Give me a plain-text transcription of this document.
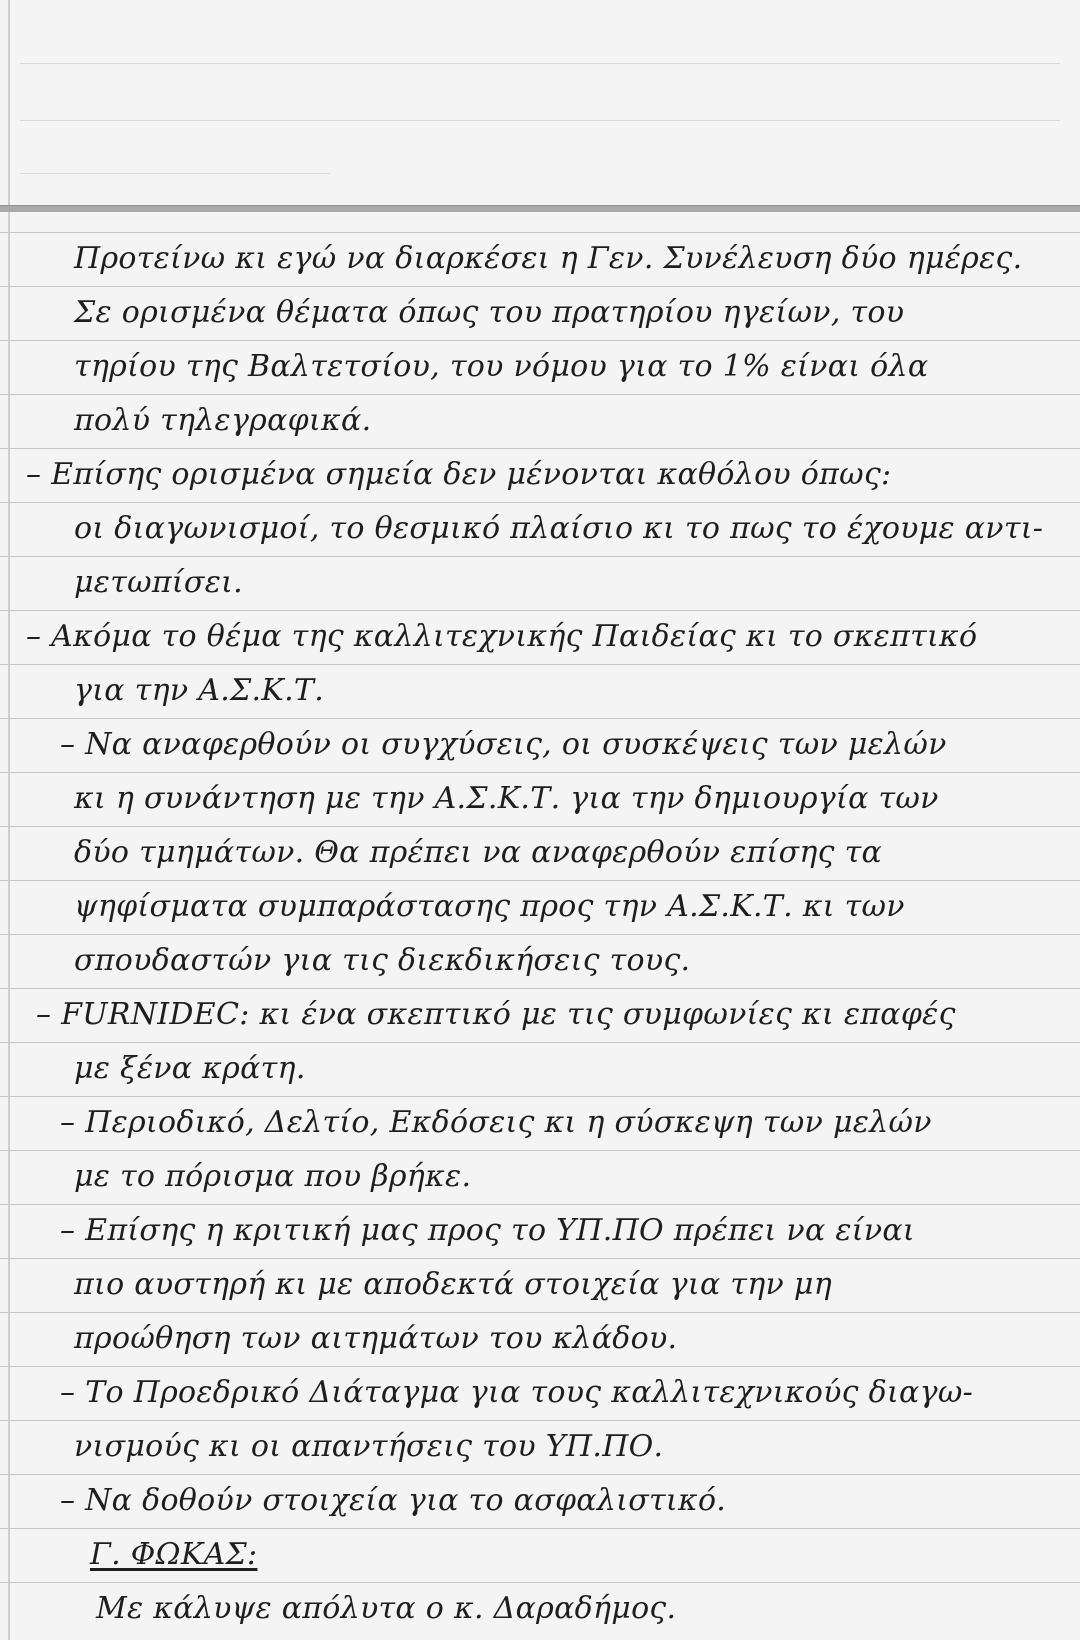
Προτείνω κι εγώ να διαρκέσει η Γεν. Συνέλευση δύο ημέρες.
Σε ορισμένα θέματα όπως του πρατηρίου ηγείων, του
τηρίου της Βαλτετσίου, του νόμου για το 1% είναι όλα
πολύ τηλεγραφικά.
– Επίσης ορισμένα σημεία δεν μένονται καθόλου όπως:
οι διαγωνισμοί, το θεσμικό πλαίσιο κι το πως το έχουμε αντι-
μετωπίσει.
– Ακόμα το θέμα της καλλιτεχνικής Παιδείας κι το σκεπτικό
για την Α.Σ.Κ.Τ.
– Να αναφερθούν οι συγχύσεις, οι συσκέψεις των μελών
κι η συνάντηση με την Α.Σ.Κ.Τ. για την δημιουργία των
δύο τμημάτων. Θα πρέπει να αναφερθούν επίσης τα
ψηφίσματα συμπαράστασης προς την Α.Σ.Κ.Τ. κι των
σπουδαστών για τις διεκδικήσεις τους.
– FURNIDEC: κι ένα σκεπτικό με τις συμφωνίες κι επαφές
με ξένα κράτη.
– Περιοδικό, Δελτίο, Εκδόσεις κι η σύσκεψη των μελών
με το πόρισμα που βρήκε.
– Επίσης η κριτική μας προς το ΥΠ.ΠΟ πρέπει να είναι
πιο αυστηρή κι με αποδεκτά στοιχεία για την μη
προώθηση των αιτημάτων του κλάδου.
– Το Προεδρικό Διάταγμα για τους καλλιτεχνικούς διαγω-
νισμούς κι οι απαντήσεις του ΥΠ.ΠΟ.
– Να δοθούν στοιχεία για το ασφαλιστικό.
Γ. ΦΩΚΑΣ:
Με κάλυψε απόλυτα ο κ. Δαραδήμος.
